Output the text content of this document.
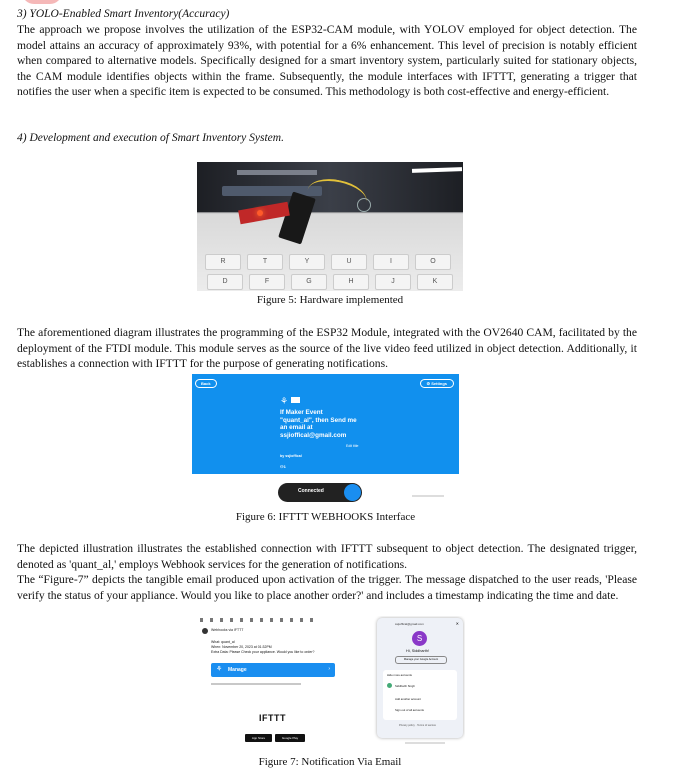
3) YOLO-Enabled Smart Inventory(Accuracy)
The approach we propose involves the utilization of the ESP32-CAM module, with YOLOV employed for object detection. The model attains an accuracy of approximately 93%, with potential for a 6% enhancement. This level of precision is notably efficient when compared to alternative models. Specifically designed for a smart inventory system, particularly suited for stationary objects, the CAM module identifies objects within the frame. Subsequently, the module interfaces with IFTTT, generating a trigger that notifies the user when a specific item is expected to be consumed. This methodology is both cost-effective and energy-efficient.
4) Development and execution of Smart Inventory System.
D	F	G	H	J	K
R	T	Y	U	I	O
Figure 5: Hardware implemented
The aforementioned diagram illustrates the programming of the ESP32 Module, integrated with the OV2640 CAM, facilitated by the deployment of the FTDI module. This module serves as the source of the live video feed utilized in object detection. Additionally, it establishes a connection with IFTTT for the purpose of generating notifications.
Back	⚙ Settings
⚘
If Maker Event "quant_al", then Send me an email at ssjioffical@gmail.com
Edit title
by ssjioffical
⚇1
Connected
Figure 6: IFTTT WEBHOOKS Interface
The depicted illustration illustrates the established connection with IFTTT subsequent to object detection. The designated trigger, denoted as 'quant_al,' employs Webhook services for the generation of notifications.
The “Figure-7” depicts the tangible email produced upon activation of the trigger. The message dispatched to the user reads, 'Please verify the status of your appliance. Would you like to place another order?' and includes a timestamp indicating the time and date.
Webhooks via IFTTT
What: quant_al
When: November 20, 2023 at 01:32PM
Extra Data: Please Check your appliance. Would you like to order?
⚘ Manage	›
IFTTT
App Store	Google Play
ssjioffical@gmail.com	✕
S
Hi, Siddharth!
Manage your Google Account
Hide more accounts
Siddharth Singh
Add another account
Sign out of all accounts
Privacy policy · Terms of service
Figure 7: Notification Via Email
